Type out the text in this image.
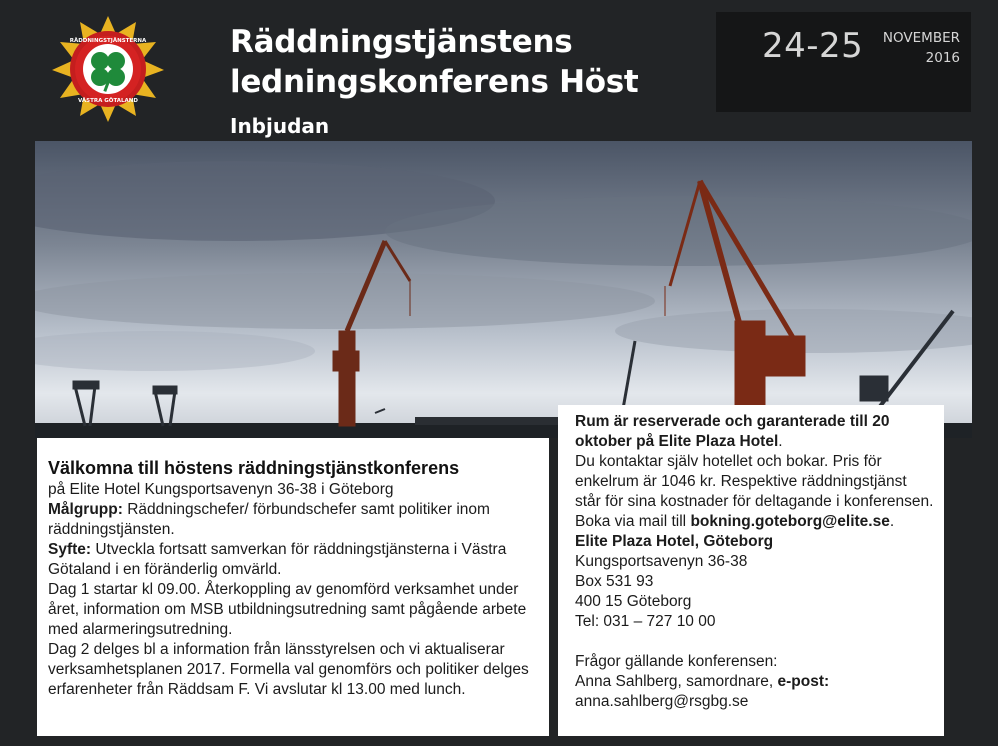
RÄDDNINGSTJÄNSTERNA
VÄSTRA GÖTALAND
Räddningstjänstens
ledningskonferens Höst
Inbjudan
24-25 NOVEMBER
2016
Välkomna till höstens räddningstjänstkonferens
på Elite Hotel Kungsportsavenyn 36-38 i Göteborg
Målgrupp: Räddningschefer/ förbundschefer samt politiker inom räddningstjänsten.
Syfte: Utveckla fortsatt samverkan för räddningstjänsterna i Västra Götaland i en föränderlig omvärld.
Dag 1 startar kl 09.00. Återkoppling av genomförd verksamhet under året, information om MSB utbildningsutredning samt pågående arbete med alarmeringsutredning.
Dag 2 delges bl a information från länsstyrelsen och vi aktualiserar verksamhetsplanen 2017. Formella val genomförs och politiker delges erfarenheter från Räddsam F. Vi avslutar kl 13.00 med lunch.
Rum är reserverade och garanterade till 20 oktober på Elite Plaza Hotel.
Du kontaktar själv hotellet och bokar. Pris för enkelrum är 1046 kr. Respektive räddningstjänst står för sina kostnader för deltagande i konferensen.
Boka via mail till bokning.goteborg@elite.se.
Elite Plaza Hotel, Göteborg
Kungsportsavenyn 36-38
Box 531 93
400 15 Göteborg
Tel: 031 – 727 10 00
Frågor gällande konferensen:
Anna Sahlberg, samordnare, e-post:
anna.sahlberg@rsgbg.se
